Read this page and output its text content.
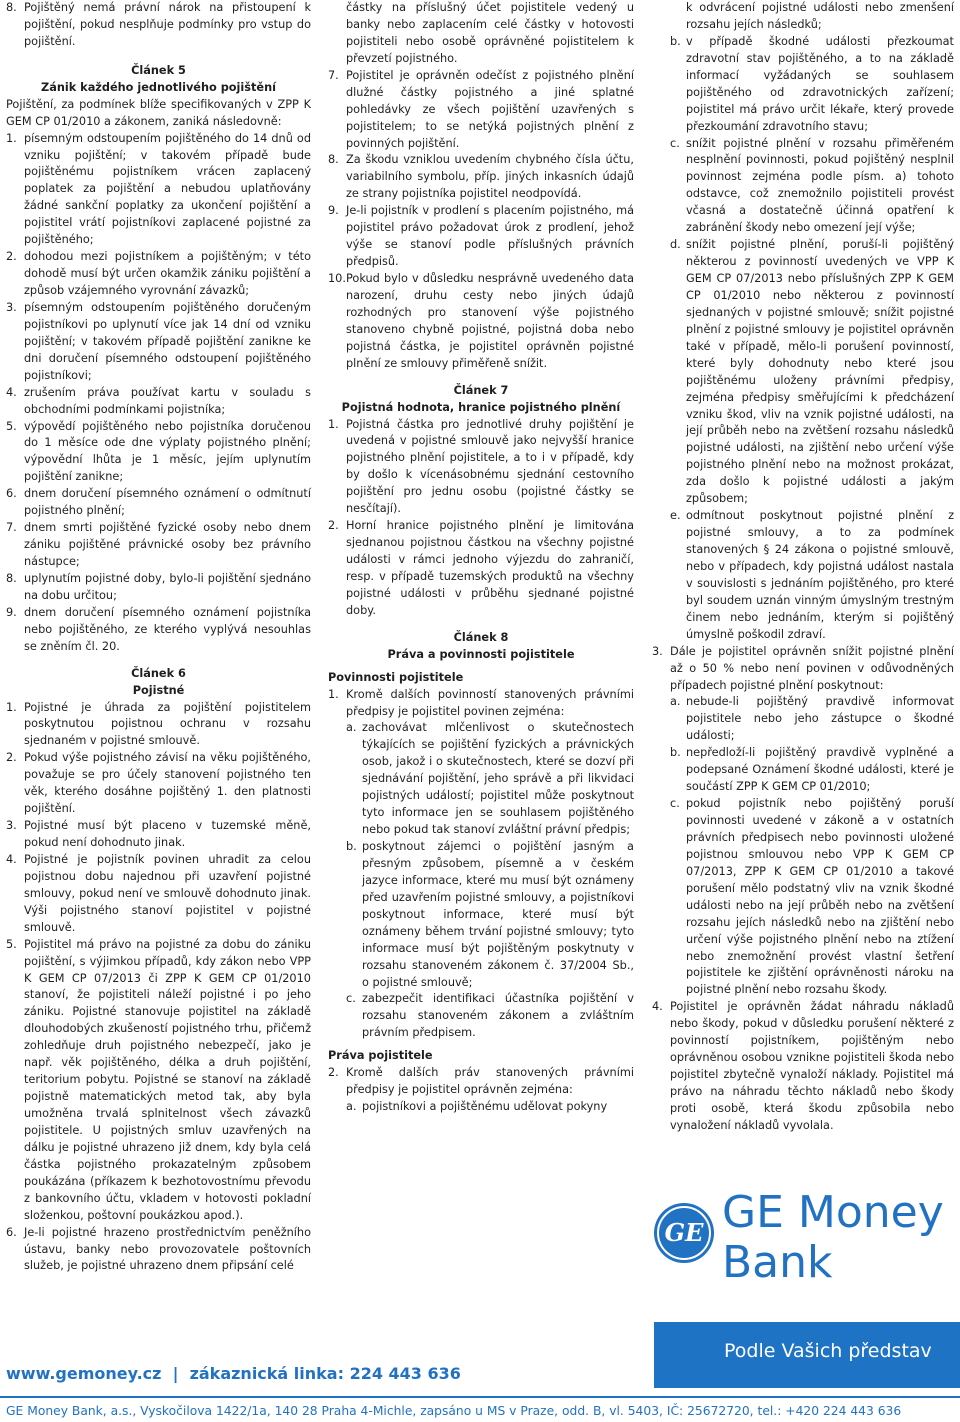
8. Pojištěný nemá právní nárok na přistoupení k pojištění, pokud nesplňuje podmínky pro vstup do pojištění.
Článek 5
Zánik každého jednotlivého pojištění

Pojištění, za podmínek blíže specifikovaných v ZPP K GEM CP 01/2010 a zákonem, zaniká následovně:

1. písemným odstoupením pojištěného do 14 dnů od vzniku pojištění; v takovém případě bude pojištěnému pojistníkem vrácen zaplacený poplatek za pojištění a nebudou uplatňovány žádné sankční poplatky za ukončení pojištění a pojistitel vrátí pojistníkovi zaplacené pojistné za pojištěného;
2. dohodou mezi pojistníkem a pojištěným; v této dohodě musí být určen okamžik zániku pojištění a způsob vzájemného vyrovnání závazků;
3. písemným odstoupením pojištěného doručeným pojistníkovi po uplynutí více jak 14 dní od vzniku pojištění; v takovém případě pojištění zanikne ke dni doručení písemného odstoupení pojištěného pojistníkovi;
4. zrušením práva používat kartu v souladu s obchodními podmínkami pojistníka;
5. výpovědí pojištěného nebo pojistníka doručenou do 1 měsíce ode dne výplaty pojistného plnění; výpovědní lhůta je 1 měsíc, jejím uplynutím pojištění zanikne;
6. dnem doručení písemného oznámení o odmítnutí pojistného plnění;
7. dnem smrti pojištěné fyzické osoby nebo dnem zániku pojištěné právnické osoby bez právního nástupce;
8. uplynutím pojistné doby, bylo-li pojištění sjednáno na dobu určitou;
9. dnem doručení písemného oznámení pojistníka nebo pojištěného, ze kterého vyplývá nesouhlas se zněním čl. 20.
Článek 6
Pojistné
1. Pojistné je úhrada za pojištění pojistitelem poskytnutou pojistnou ochranu v rozsahu sjednaném v pojistné smlouvě.
2. Pokud výše pojistného závisí na věku pojištěného, považuje se pro účely stanovení pojistného ten věk, kterého dosáhne pojištěný 1. den platnosti pojištění.
3. Pojistné musí být placeno v tuzemské měně, pokud není dohodnuto jinak.
4. Pojistné je pojistník povinen uhradit za celou pojistnou dobu najednou při uzavření pojistné smlouvy, pokud není ve smlouvě dohodnuto jinak. Výši pojistného stanoví pojistitel v pojistné smlouvě.
5. Pojistitel má právo na pojistné za dobu do zániku pojištění, s výjimkou případů, kdy zákon nebo VPP K GEM CP 07/2013 či ZPP K GEM CP 01/2010 stanoví, že pojistiteli náleží pojistné i po jeho zániku. Pojistné stanovuje pojistitel na základě dlouhodobých zkušeností pojistného trhu, přičemž zohledňuje druh pojistného nebezpečí, jako je např. věk pojištěného, délka a druh pojištění, teritorium pobytu. Pojistné se stanoví na základě pojistně matematických metod tak, aby byla umožněna trvalá splnitelnost všech závazků pojistitele. U pojistných smluv uzavřených na dálku je pojistné uhrazeno již dnem, kdy byla celá částka pojistného prokazatelným způsobem poukázána (příkazem k bezhotovostnímu převodu z bankovního účtu, vkladem v hotovosti pokladní složenkou, poštovní poukázkou apod.).
6. Je-li pojistné hrazeno prostřednictvím peněžního ústavu, banky nebo provozovatele poštovních služeb, je pojistné uhrazeno dnem připsání celé

částky na příslušný účet pojistitele vedený u banky nebo zaplacením celé částky v hotovosti pojistiteli nebo osobě oprávněné pojistitelem k převzetí pojistného.

7. Pojistitel je oprávněn odečíst z pojistného plnění dlužné částky pojistného a jiné splatné pohledávky ze všech pojištění uzavřených s pojistitelem; to se netýká pojistných plnění z povinných pojištění.
8. Za škodu vzniklou uvedením chybného čísla účtu, variabilního symbolu, příp. jiných inkasních údajů ze strany pojistníka pojistitel neodpovídá.
9. Je-li pojistník v prodlení s placením pojistného, má pojistitel právo požadovat úrok z prodlení, jehož výše se stanoví podle příslušných právních předpisů.
10. Pokud bylo v důsledku nesprávně uvedeného data narození, druhu cesty nebo jiných údajů rozhodných pro stanovení výše pojistného stanoveno chybně pojistné, pojistná doba nebo pojistná částka, je pojistitel oprávněn pojistné plnění ze smlouvy přiměřeně snížit.
Článek 7
Pojistná hodnota, hranice pojistného plnění
1. Pojistná částka pro jednotlivé druhy pojištění je uvedená v pojistné smlouvě jako nejvyšší hranice pojistného plnění pojistitele, a to i v případě, kdy by došlo k vícenásobnému sjednání cestovního pojištění pro jednu osobu (pojistné částky se nesčítají).
2. Horní hranice pojistného plnění je limitována sjednanou pojistnou částkou na všechny pojistné události v rámci jednoho výjezdu do zahraničí, resp. v případě tuzemských produktů na všechny pojistné události v průběhu sjednané pojistné doby.
Článek 8
Práva a povinnosti pojistitele
Povinnosti pojistitele
1. Kromě dalších povinností stanovených právními předpisy je pojistitel povinen zejména:
a. zachovávat mlčenlivost o skutečnostech týkajících se pojištění fyzických a právnických osob, jakož i o skutečnostech, které se dozví při sjednávání pojištění, jeho správě a při likvidaci pojistných událostí; pojistitel může poskytnout tyto informace jen se souhlasem pojištěného nebo pokud tak stanoví zvláštní právní předpis;
b. poskytnout zájemci o pojištění jasným a přesným způsobem, písemně a v českém jazyce informace, které mu musí být oznámeny před uzavřením pojistné smlouvy, a pojistníkovi poskytnout informace, které musí být oznámeny během trvání pojistné smlouvy; tyto informace musí být pojištěným poskytnuty v rozsahu stanoveném zákonem č. 37/2004 Sb., o pojistné smlouvě;
c. zabezpečit identifikaci účastníka pojištění v rozsahu stanoveném zákonem a zvláštním právním předpisem.
Práva pojistitele
2. Kromě dalších práv stanovených právními předpisy je pojistitel oprávněn zejména:
a. pojistníkovi a pojištěnému udělovat pokyny

k odvrácení pojistné události nebo zmenšení rozsahu jejích následků;

b. v případě škodné události přezkoumat zdravotní stav pojištěného, a to na základě informací vyžádaných se souhlasem pojištěného od zdravotnických zařízení; pojistitel má právo určit lékaře, který provede přezkoumání zdravotního stavu;
c. snížit pojistné plnění v rozsahu přiměřeném nesplnění povinnosti, pokud pojištěný nesplnil povinnost zejména podle písm. a) tohoto odstavce, což znemožnilo pojistiteli provést včasná a dostatečně účinná opatření k zabránění škody nebo omezení její výše;
d. snížit pojistné plnění, poruší-li pojištěný některou z povinností uvedených ve VPP K GEM CP 07/2013 nebo příslušných ZPP K GEM CP 01/2010 nebo některou z povinností sjednaných v pojistné smlouvě; snížit pojistné plnění z pojistné smlouvy je pojistitel oprávněn také v případě, mělo-li porušení povinností, které byly dohodnuty nebo které jsou pojištěnému uloženy právními předpisy, zejména předpisy směřujícími k předcházení vzniku škod, vliv na vznik pojistné události, na její průběh nebo na zvětšení rozsahu následků pojistné události, na zjištění nebo určení výše pojistného plnění nebo na možnost prokázat, zda došlo k pojistné události a jakým způsobem;
e. odmítnout poskytnout pojistné plnění z pojistné smlouvy, a to za podmínek stanovených § 24 zákona o pojistné smlouvě, nebo v případech, kdy pojistná událost nastala v souvislosti s jednáním pojištěného, pro které byl soudem uznán vinným úmyslným trestným činem nebo jednáním, kterým si pojištěný úmyslně poškodil zdraví.
3. Dále je pojistitel oprávněn snížit pojistné plnění až o 50 % nebo není povinen v odůvodněných případech pojistné plnění poskytnout:
a. nebude-li pojištěný pravdivě informovat pojistitele nebo jeho zástupce o škodné události;
b. nepředloží-li pojištěný pravdivě vyplněné a podepsané Oznámení škodné události, které je součástí ZPP K GEM CP 01/2010;
c. pokud pojistník nebo pojištěný poruší povinnosti uvedené v zákoně a v ostatních právních předpisech nebo povinnosti uložené pojistnou smlouvou nebo VPP K GEM CP 07/2013, ZPP K GEM CP 01/2010 a takové porušení mělo podstatný vliv na vznik škodné události nebo na její průběh nebo na zvětšení rozsahu jejích následků nebo na zjištění nebo určení výše pojistného plnění nebo na ztížení nebo znemožnění provést vlastní šetření pojistitele ke zjištění oprávněnosti nároku na pojistné plnění nebo rozsahu škody.
4. Pojistitel je oprávněn žádat náhradu nákladů nebo škody, pokud v důsledku porušení některé z povinností pojistníkem, pojištěným nebo oprávněnou osobou vznikne pojistiteli škoda nebo pojistitel zbytečně vynaloží náklady. Pojistitel má právo na náhradu těchto nákladů nebo škody proti osobě, která škodu způsobila nebo vynaložení nákladů vyvolala.
GE GE Money
Bank
Podle Vašich představ
www.gemoney.cz  |  zákaznická linka: 224 443 636
GE Money Bank, a.s., Vyskočilova 1422/1a, 140 28 Praha 4-Michle, zapsáno u MS v Praze, odd. B, vl. 5403, IČ: 25672720, tel.: +420 224 443 636
